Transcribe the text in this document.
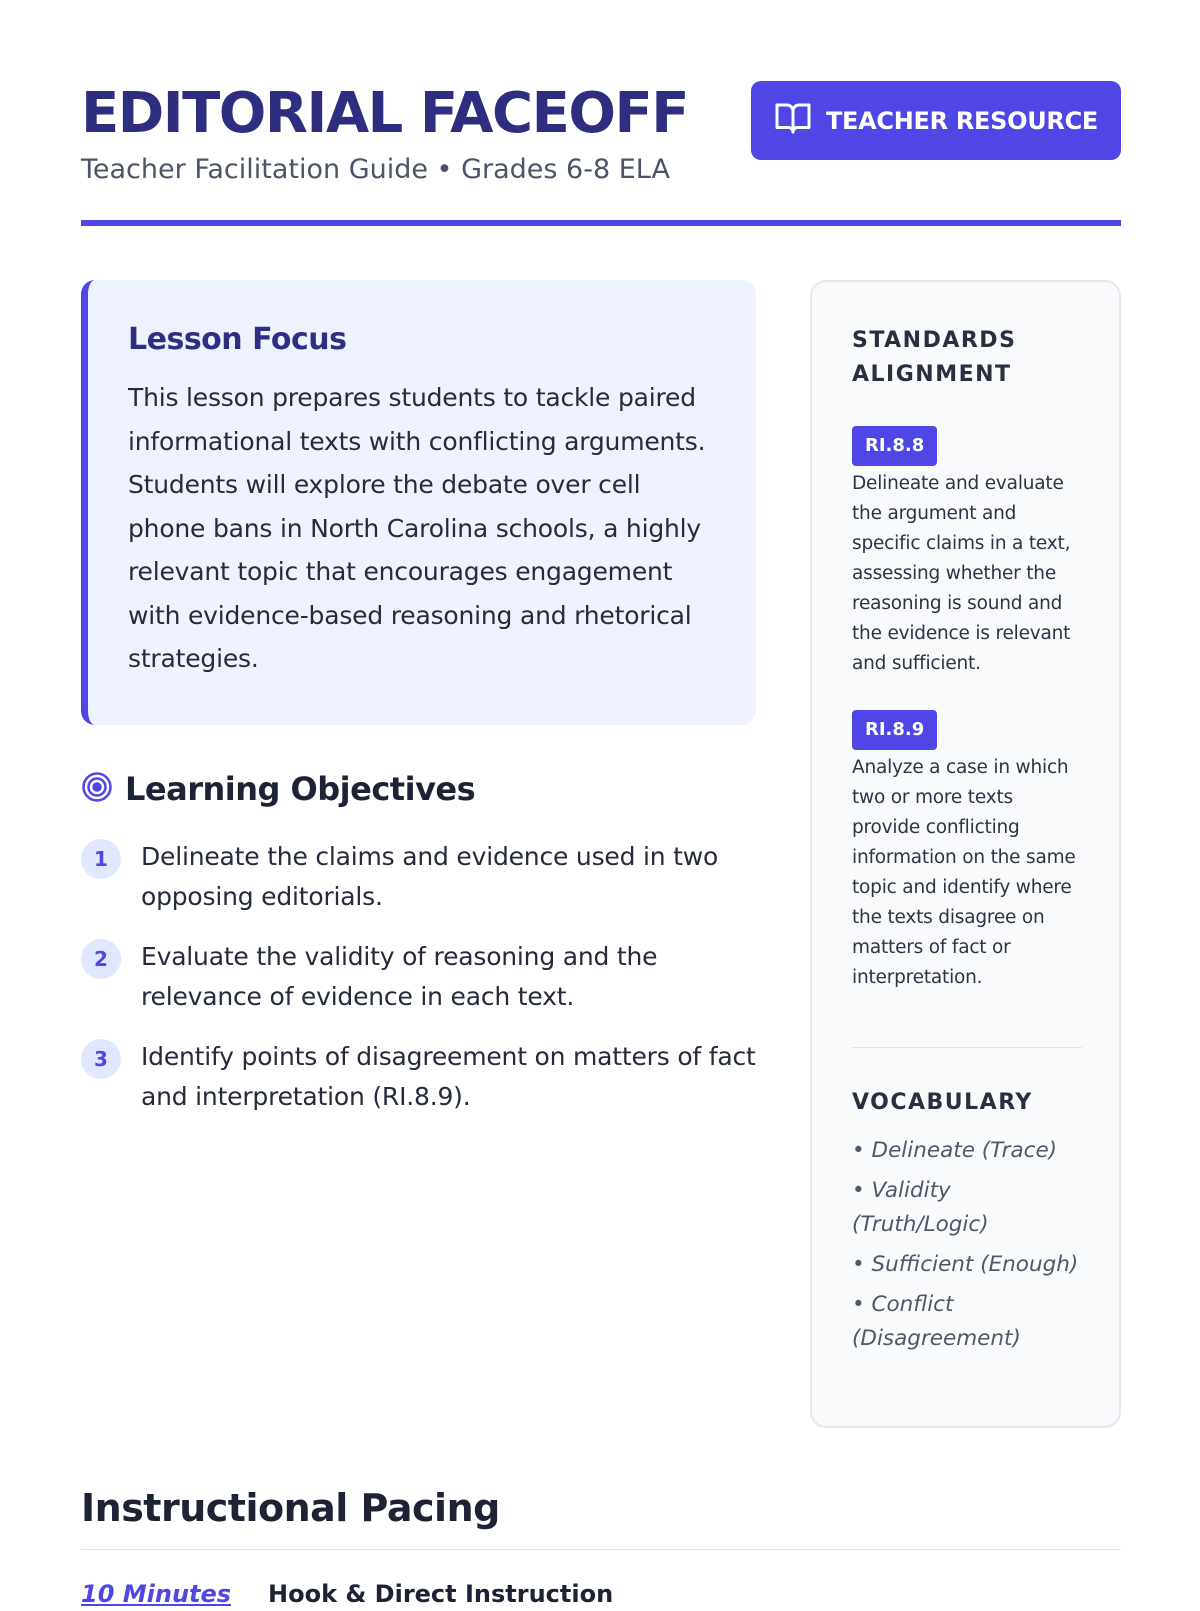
EDITORIAL FACEOFF
Teacher Facilitation Guide • Grades 6-8 ELA
TEACHER RESOURCE
Lesson Focus

This lesson prepares students to tackle paired informational texts with conflicting arguments. Students will explore the debate over cell phone bans in North Carolina schools, a highly relevant topic that encourages engagement with evidence-based reasoning and rhetorical strategies.

Learning Objectives
1	Delineate the claims and evidence used in two opposing editorials.
2	Evaluate the validity of reasoning and the relevance of evidence in each text.
3	Identify points of disagreement on matters of fact and interpretation (RI.8.9).
STANDARDS ALIGNMENT
RI.8.8

Delineate and evaluate the argument and specific claims in a text, assessing whether the reasoning is sound and the evidence is relevant and sufficient.

RI.8.9

Analyze a case in which two or more texts provide conflicting information on the same topic and identify where the texts disagree on matters of fact or interpretation.

VOCABULARY
• Delineate (Trace)
• Validity (Truth/Logic)
• Sufficient (Enough)
• Conflict (Disagreement)
Instructional Pacing
10 Minutes Hook & Direct Instruction
